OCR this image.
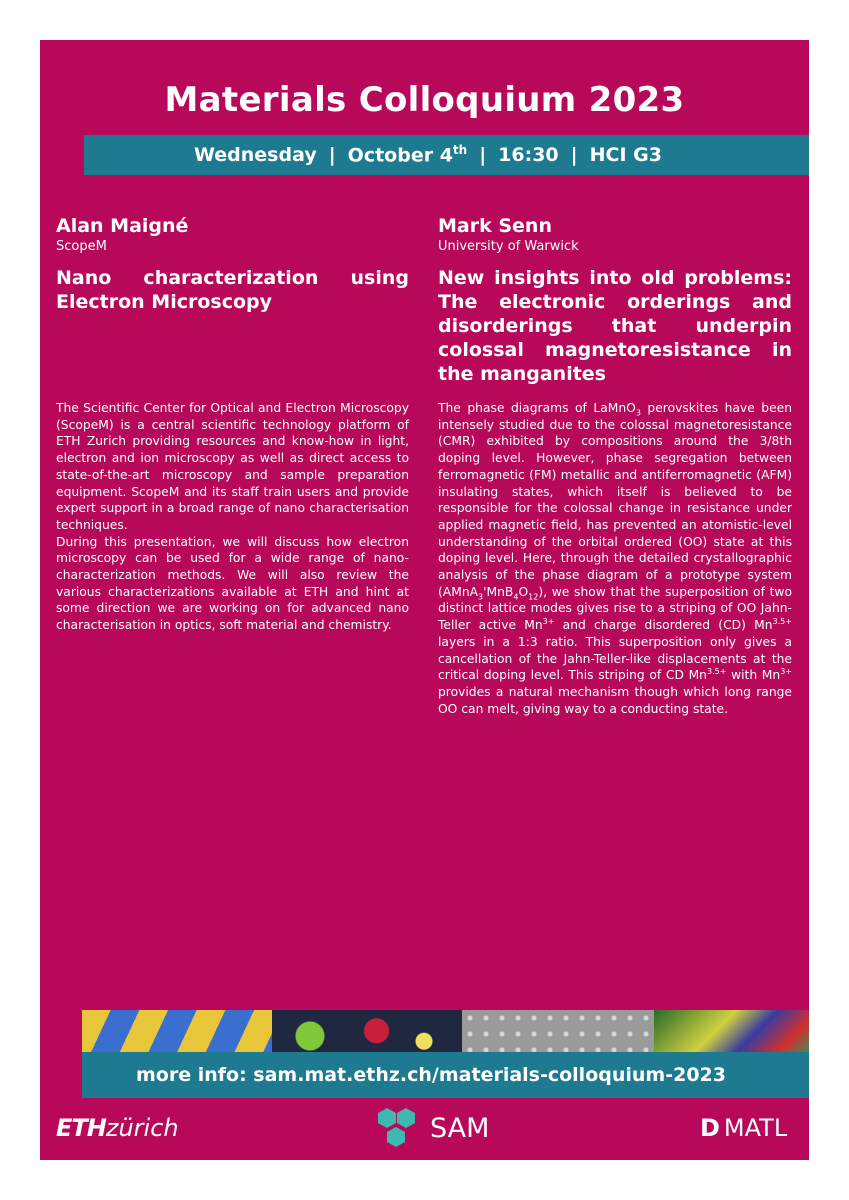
Materials Colloquium 2023
Wednesday | October 4th | 16:30 | HCI G3
Alan Maigné
ScopeM
Nano characterization using Electron Microscopy

The Scientific Center for Optical and Electron Microscopy (ScopeM) is a central scientific technology platform of ETH Zurich providing resources and know-how in light, electron and ion microscopy as well as direct access to state-of-the-art microscopy and sample preparation equipment. ScopeM and its staff train users and provide expert support in a broad range of nano characterisation techniques.

During this presentation, we will discuss how electron microscopy can be used for a wide range of nano-characterization methods. We will also review the various characterizations available at ETH and hint at some direction we are working on for advanced nano characterisation in optics, soft material and chemistry.

Mark Senn
University of Warwick
New insights into old problems: The electronic orderings and disorderings that underpin colossal magnetoresistance in the manganites

The phase diagrams of LaMnO$_3$ perovskites have been intensely studied due to the colossal magnetoresistance (CMR) exhibited by compositions around the 3/8th doping level. However, phase segregation between ferromagnetic (FM) metallic and antiferromagnetic (AFM) insulating states, which itself is believed to be responsible for the colossal change in resistance under applied magnetic field, has prevented an atomistic-level understanding of the orbital ordered (OO) state at this doping level. Here, through the detailed crystallographic analysis of the phase diagram of a prototype system $(AMnA_3'MnB_4O_{12})$, we show that the superposition of two distinct lattice modes gives rise to a striping of OO Jahn-Teller active $Mn^{3+}$ and charge disordered (CD) $Mn^{3.5+}$ layers in a 1:3 ratio. This superposition only gives a cancellation of the Jahn-Teller-like displacements at the critical doping level. This striping of CD $Mn^{3.5+}$ with $Mn^{3+}$ provides a natural mechanism though which long range OO can melt, giving way to a conducting state.

more info: sam.mat.ethz.ch/materials-colloquium-2023
ETHzürich	SAM	D MATL
